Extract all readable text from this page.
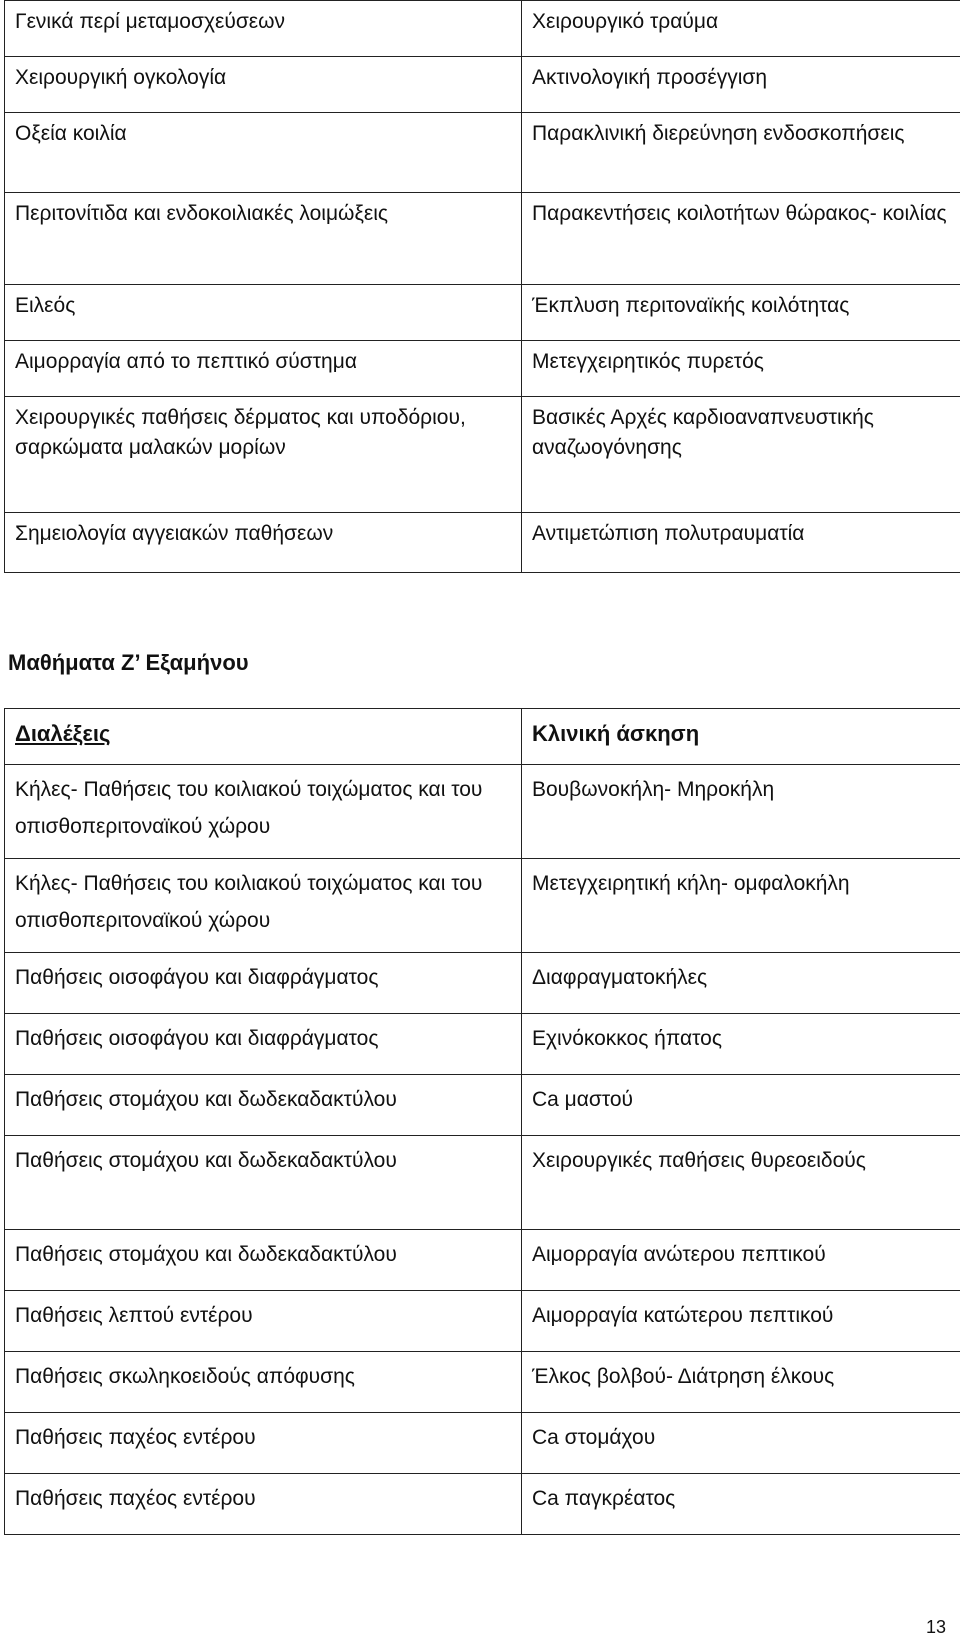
Γενικά περί μεταμοσχεύσεων	Χειρουργικό τραύμα
Χειρουργική ογκολογία	Ακτινολογική προσέγγιση
Οξεία κοιλία	Παρακλινική διερεύνηση ενδοσκοπήσεις
Περιτονίτιδα και ενδοκοιλιακές λοιμώξεις	Παρακεντήσεις κοιλοτήτων θώρακος- κοιλίας
Ειλεός	Έκπλυση περιτοναϊκής κοιλότητας
Αιμορραγία από το πεπτικό σύστημα	Μετεγχειρητικός πυρετός
Χειρουργικές παθήσεις δέρματος και υποδόριου, σαρκώματα μαλακών μορίων	Βασικές Αρχές καρδιοαναπνευστικής αναζωογόνησης
Σημειολογία αγγειακών παθήσεων	Αντιμετώπιση πολυτραυματία
Μαθήματα Ζ’ Εξαμήνου
Διαλέξεις	Κλινική άσκηση
Κήλες- Παθήσεις του κοιλιακού τοιχώματος και του οπισθοπεριτοναϊκού χώρου	Βουβωνοκήλη- Μηροκήλη
Κήλες- Παθήσεις του κοιλιακού τοιχώματος και του οπισθοπεριτοναϊκού χώρου	Μετεγχειρητική κήλη- ομφαλοκήλη
Παθήσεις οισοφάγου και διαφράγματος	Διαφραγματοκήλες
Παθήσεις οισοφάγου και διαφράγματος	Εχινόκοκκος ήπατος
Παθήσεις στομάχου και δωδεκαδακτύλου	Ca μαστού
Παθήσεις στομάχου και δωδεκαδακτύλου	Χειρουργικές παθήσεις θυρεοειδούς
Παθήσεις στομάχου και δωδεκαδακτύλου	Αιμορραγία ανώτερου πεπτικού
Παθήσεις λεπτού εντέρου	Αιμορραγία κατώτερου πεπτικού
Παθήσεις σκωληκοειδούς απόφυσης	Έλκος βολβού- Διάτρηση έλκους
Παθήσεις παχέος εντέρου	Ca στομάχου
Παθήσεις παχέος εντέρου	Ca παγκρέατος
13
